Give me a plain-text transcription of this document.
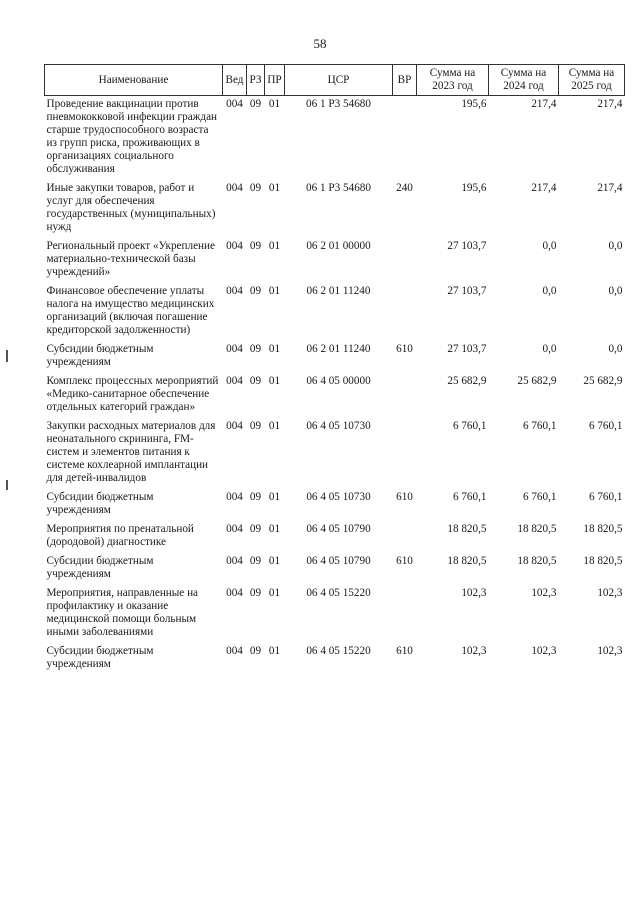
58
Наименование	Вед	РЗ	ПР	ЦСР	ВР	Сумма на 2023 год	Сумма на 2024 год	Сумма на 2025 год
Проведение вакцинации против пневмококковой инфекции граждан старше трудоспособного возраста из групп риска, проживающих в организациях социального обслуживания	004	09	01	06 1 Р3 54680		195,6	217,4	217,4
Иные закупки товаров, работ и услуг для обеспечения государственных (муниципальных) нужд	004	09	01	06 1 Р3 54680	240	195,6	217,4	217,4
Региональный проект «Укрепление материально-технической базы учреждений»	004	09	01	06 2 01 00000		27 103,7	0,0	0,0
Финансовое обеспечение уплаты налога на имущество медицинских организаций (включая погашение кредиторской задолженности)	004	09	01	06 2 01 11240		27 103,7	0,0	0,0
Субсидии бюджетным учреждениям	004	09	01	06 2 01 11240	610	27 103,7	0,0	0,0
Комплекс процессных мероприятий «Медико-санитарное обеспечение отдельных категорий граждан»	004	09	01	06 4 05 00000		25 682,9	25 682,9	25 682,9
Закупки расходных материалов для неонатального скрининга, FM-систем и элементов питания к системе кохлеарной имплантации для детей-инвалидов	004	09	01	06 4 05 10730		6 760,1	6 760,1	6 760,1
Субсидии бюджетным учреждениям	004	09	01	06 4 05 10730	610	6 760,1	6 760,1	6 760,1
Мероприятия по пренатальной (дородовой) диагностике	004	09	01	06 4 05 10790		18 820,5	18 820,5	18 820,5
Субсидии бюджетным учреждениям	004	09	01	06 4 05 10790	610	18 820,5	18 820,5	18 820,5
Мероприятия, направленные на профилактику и оказание медицинской помощи больным иными заболеваниями	004	09	01	06 4 05 15220		102,3	102,3	102,3
Субсидии бюджетным учреждениям	004	09	01	06 4 05 15220	610	102,3	102,3	102,3
